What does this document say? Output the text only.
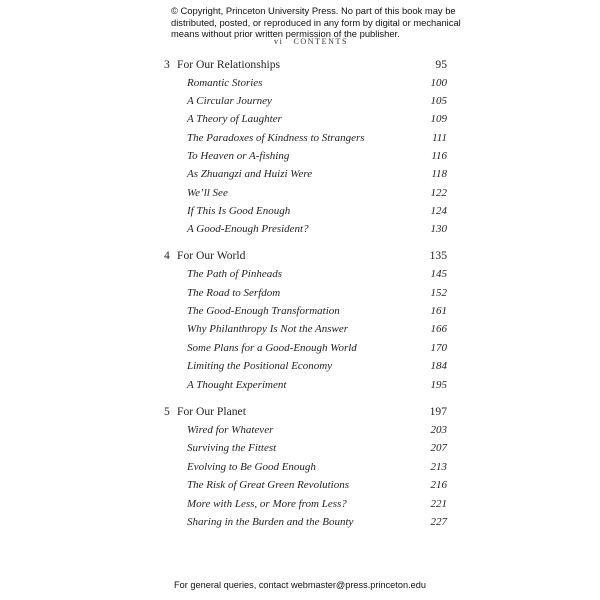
© Copyright, Princeton University Press. No part of this book may be distributed, posted, or reproduced in any form by digital or mechanical means without prior written permission of the publisher.
vi CONTENTS
3 For Our Relationships	95
Romantic Stories	100
A Circular Journey	105
A Theory of Laughter	109
The Paradoxes of Kindness to Strangers	111
To Heaven or A-fishing	116
As Zhuangzi and Huizi Were	118
We’ll See	122
If This Is Good Enough	124
A Good-Enough President?	130
4 For Our World	135
The Path of Pinheads	145
The Road to Serfdom	152
The Good-Enough Transformation	161
Why Philanthropy Is Not the Answer	166
Some Plans for a Good-Enough World	170
Limiting the Positional Economy	184
A Thought Experiment	195
5 For Our Planet	197
Wired for Whatever	203
Surviving the Fittest	207
Evolving to Be Good Enough	213
The Risk of Great Green Revolutions	216
More with Less, or More from Less?	221
Sharing in the Burden and the Bounty	227
For general queries, contact webmaster@press.princeton.edu
